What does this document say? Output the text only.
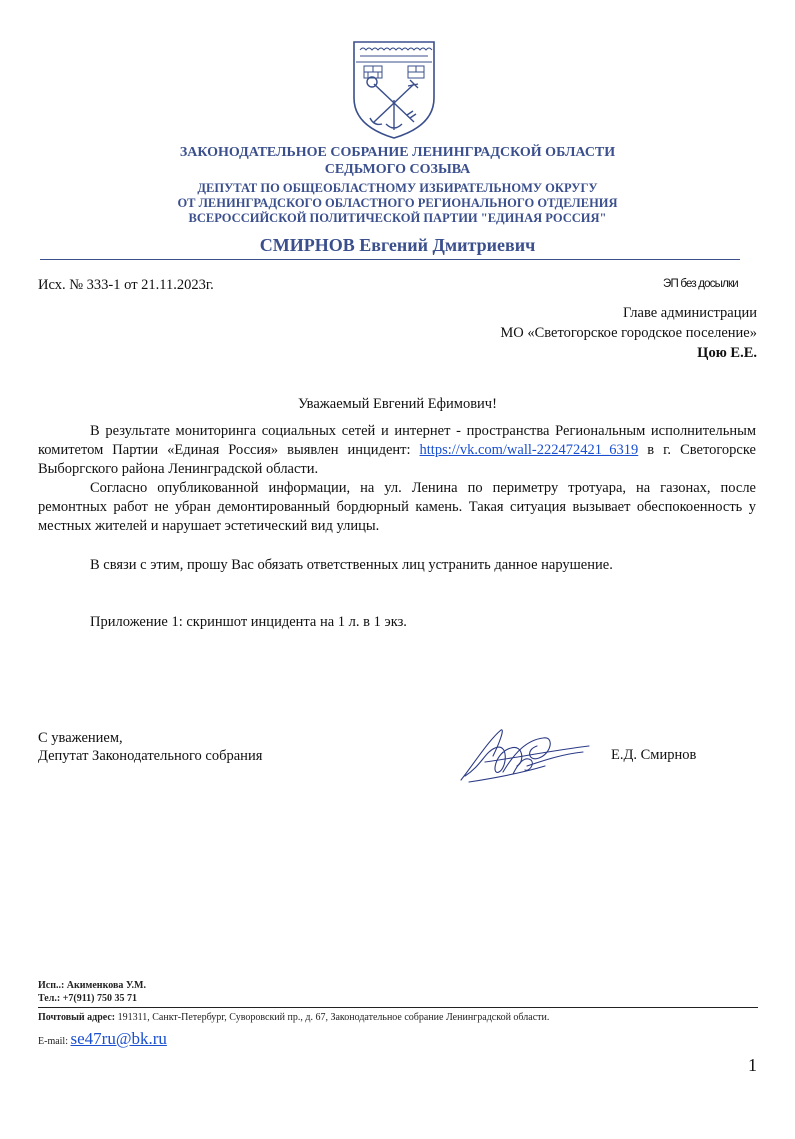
ЗАКОНОДАТЕЛЬНОЕ СОБРАНИЕ ЛЕНИНГРАДСКОЙ ОБЛАСТИ
СЕДЬМОГО СОЗЫВА
ДЕПУТАТ ПО ОБЩЕОБЛАСТНОМУ ИЗБИРАТЕЛЬНОМУ ОКРУГУ
ОТ ЛЕНИНГРАДСКОГО ОБЛАСТНОГО РЕГИОНАЛЬНОГО ОТДЕЛЕНИЯ
ВСЕРОССИЙСКОЙ ПОЛИТИЧЕСКОЙ ПАРТИИ "ЕДИНАЯ РОССИЯ"
СМИРНОВ Евгений Дмитриевич
Исх. № 333-1 от 21.11.2023г.	ЭП без досылки
Главе администрации
МО «Светогорское городское поселение»
Цою Е.Е.
Уважаемый Евгений Ефимович!

В результате мониторинга социальных сетей и интернет - пространства Региональным исполнительным комитетом Партии «Единая Россия» выявлен инцидент: https://vk.com/wall-222472421_6319 в г. Светогорске Выборгского района Ленинградской области.

Согласно опубликованной информации, на ул. Ленина по периметру тротуара, на газонах, после ремонтных работ не убран демонтированный бордюрный камень. Такая ситуация вызывает обеспокоенность у местных жителей и нарушает эстетический вид улицы.

В связи с этим, прошу Вас обязать ответственных лиц устранить данное нарушение.
Приложение 1: скриншот инцидента на 1 л. в 1 экз.
С уважением,
Депутат Законодательного собрания	Е.Д. Смирнов
Исп..: Акименкова У.М.
Тел.: +7(911) 750 35 71
Почтовый адрес: 191311, Санкт-Петербург, Суворовский пр., д. 67, Законодательное собрание Ленинградской области.
E-mail: se47ru@bk.ru
1
